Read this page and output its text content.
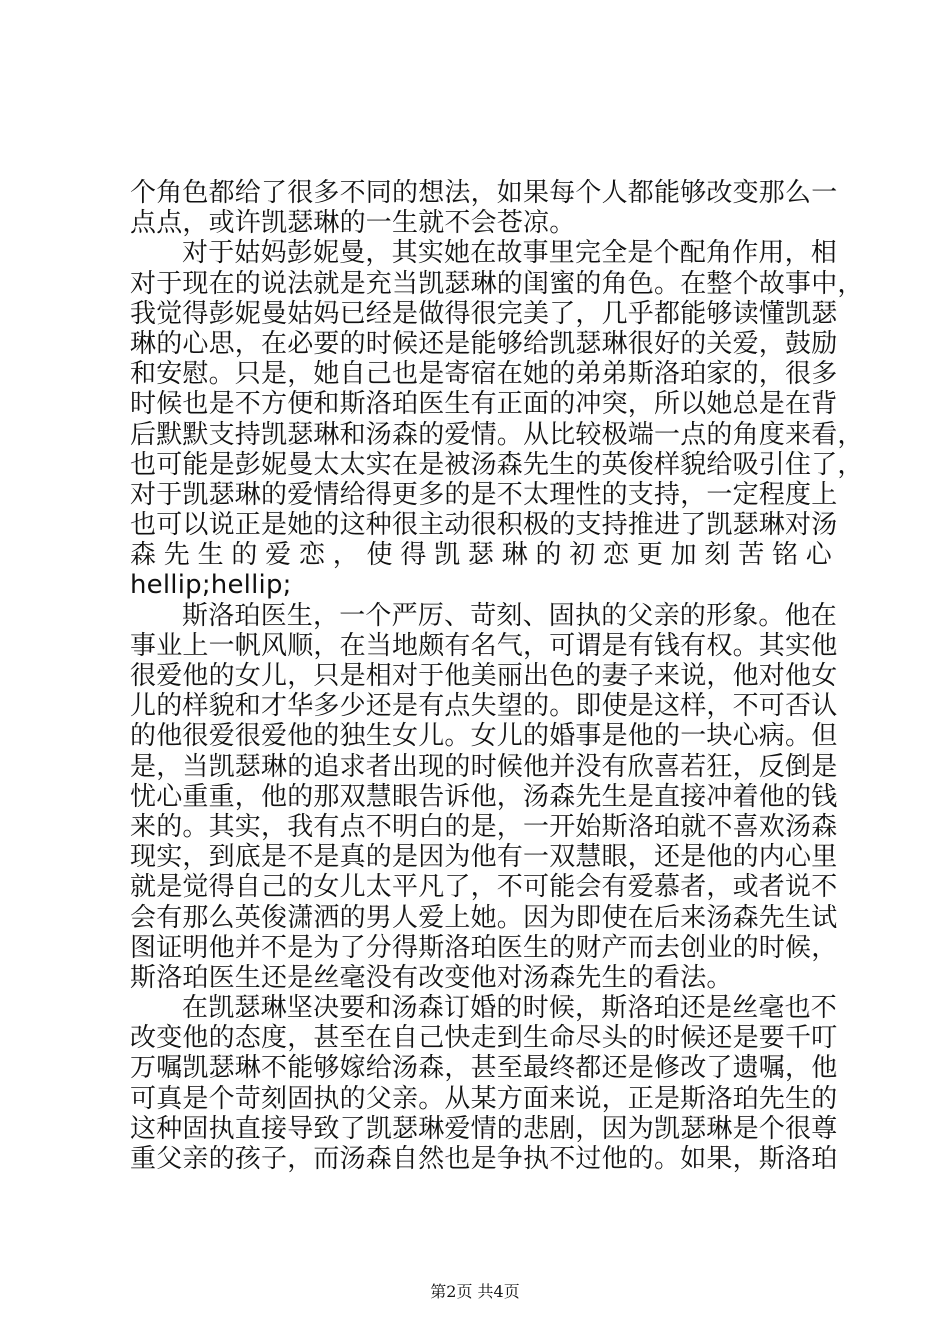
个角色都给了很多不同的想法，如果每个人都能够改变那么一
点点，或许凯瑟琳的一生就不会苍凉。
对于姑妈彭妮曼，其实她在故事里完全是个配角作用，相
对于现在的说法就是充当凯瑟琳的闺蜜的角色。在整个故事中，
我觉得彭妮曼姑妈已经是做得很完美了，几乎都能够读懂凯瑟
琳的心思，在必要的时候还是能够给凯瑟琳很好的关爱，鼓励
和安慰。只是，她自己也是寄宿在她的弟弟斯洛珀家的，很多
时候也是不方便和斯洛珀医生有正面的冲突，所以她总是在背
后默默支持凯瑟琳和汤森的爱情。从比较极端一点的角度来看，
也可能是彭妮曼太太实在是被汤森先生的英俊样貌给吸引住了，
对于凯瑟琳的爱情给得更多的是不太理性的支持，一定程度上
也可以说正是她的这种很主动很积极的支持推进了凯瑟琳对汤
森先生的爱恋，使得凯瑟琳的初恋更加刻苦铭心
hellip;hellip;
斯洛珀医生，一个严厉、苛刻、固执的父亲的形象。他在
事业上一帆风顺，在当地颇有名气，可谓是有钱有权。其实他
很爱他的女儿，只是相对于他美丽出色的妻子来说，他对他女
儿的样貌和才华多少还是有点失望的。即使是这样，不可否认
的他很爱很爱他的独生女儿。女儿的婚事是他的一块心病。但
是，当凯瑟琳的追求者出现的时候他并没有欣喜若狂，反倒是
忧心重重，他的那双慧眼告诉他，汤森先生是直接冲着他的钱
来的。其实，我有点不明白的是，一开始斯洛珀就不喜欢汤森
现实，到底是不是真的是因为他有一双慧眼，还是他的内心里
就是觉得自己的女儿太平凡了，不可能会有爱慕者，或者说不
会有那么英俊潇洒的男人爱上她。因为即使在后来汤森先生试
图证明他并不是为了分得斯洛珀医生的财产而去创业的时候，
斯洛珀医生还是丝毫没有改变他对汤森先生的看法。
在凯瑟琳坚决要和汤森订婚的时候，斯洛珀还是丝毫也不
改变他的态度，甚至在自己快走到生命尽头的时候还是要千叮
万嘱凯瑟琳不能够嫁给汤森，甚至最终都还是修改了遗嘱，他
可真是个苛刻固执的父亲。从某方面来说，正是斯洛珀先生的
这种固执直接导致了凯瑟琳爱情的悲剧，因为凯瑟琳是个很尊
重父亲的孩子，而汤森自然也是争执不过他的。如果，斯洛珀
第2页 共4页
